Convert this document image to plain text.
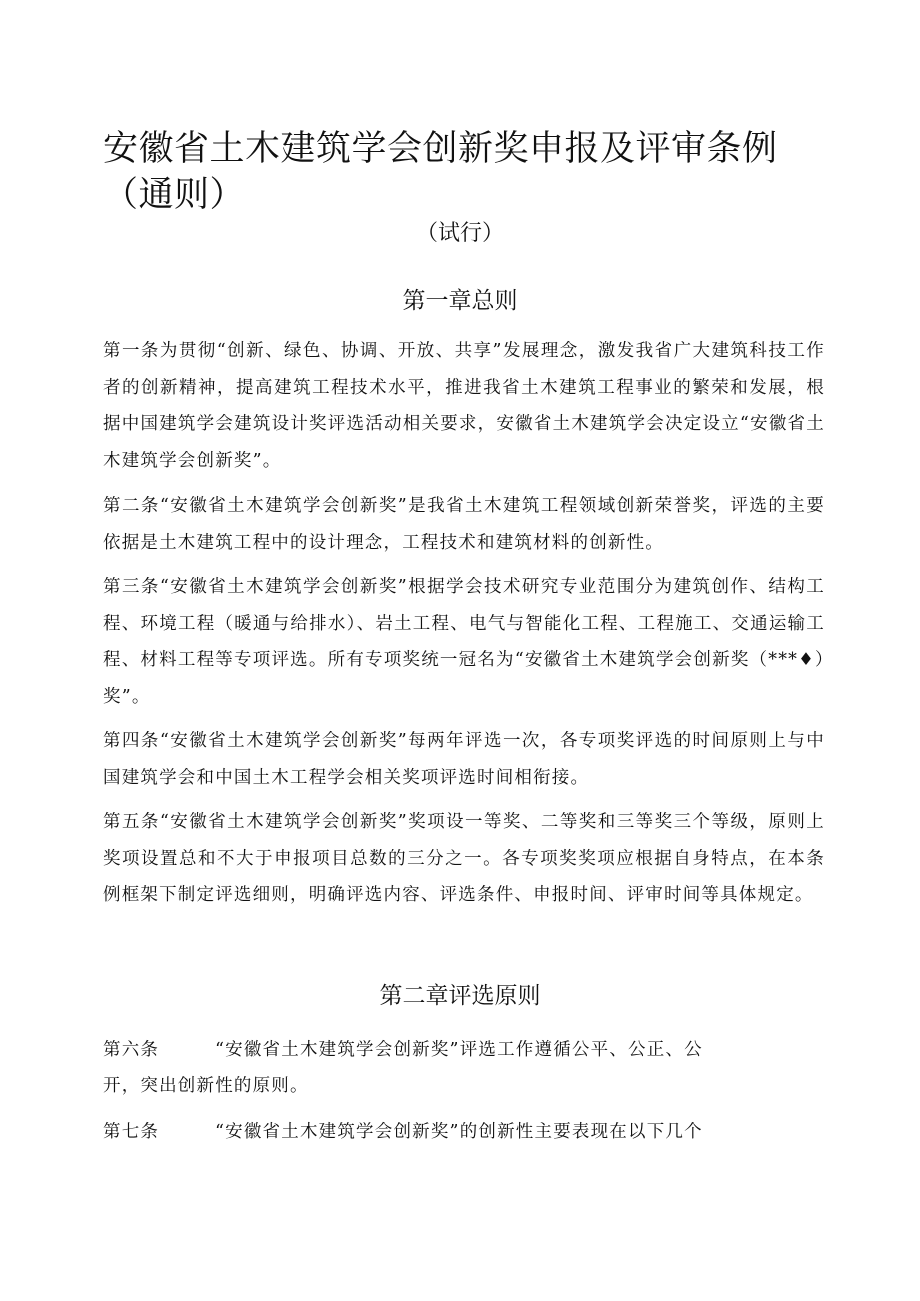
安徽省土木建筑学会创新奖申报及评审条例（通则）
（试行）
第一章总则

第一条为贯彻“创新、绿色、协调、开放、共享”发展理念，激发我省广大建筑科技工作者的创新精神，提高建筑工程技术水平，推进我省土木建筑工程事业的繁荣和发展，根据中国建筑学会建筑设计奖评选活动相关要求，安徽省土木建筑学会决定设立“安徽省土木建筑学会创新奖”。

第二条“安徽省土木建筑学会创新奖”是我省土木建筑工程领域创新荣誉奖，评选的主要依据是土木建筑工程中的设计理念，工程技术和建筑材料的创新性。

第三条“安徽省土木建筑学会创新奖”根据学会技术研究专业范围分为建筑创作、结构工程、环境工程（暖通与给排水）、岩土工程、电气与智能化工程、工程施工、交通运输工程、材料工程等专项评选。所有专项奖统一冠名为“安徽省土木建筑学会创新奖（***♦）奖”。

第四条“安徽省土木建筑学会创新奖”每两年评选一次，各专项奖评选的时间原则上与中国建筑学会和中国土木工程学会相关奖项评选时间相衔接。

第五条“安徽省土木建筑学会创新奖”奖项设一等奖、二等奖和三等奖三个等级，原则上奖项设置总和不大于申报项目总数的三分之一。各专项奖奖项应根据自身特点，在本条例框架下制定评选细则，明确评选内容、评选条件、申报时间、评审时间等具体规定。

第二章评选原则
第六条	“安徽省土木建筑学会创新奖”评选工作遵循公平、公正、公
开，突出创新性的原则。
第七条	“安徽省土木建筑学会创新奖”的创新性主要表现在以下几个
